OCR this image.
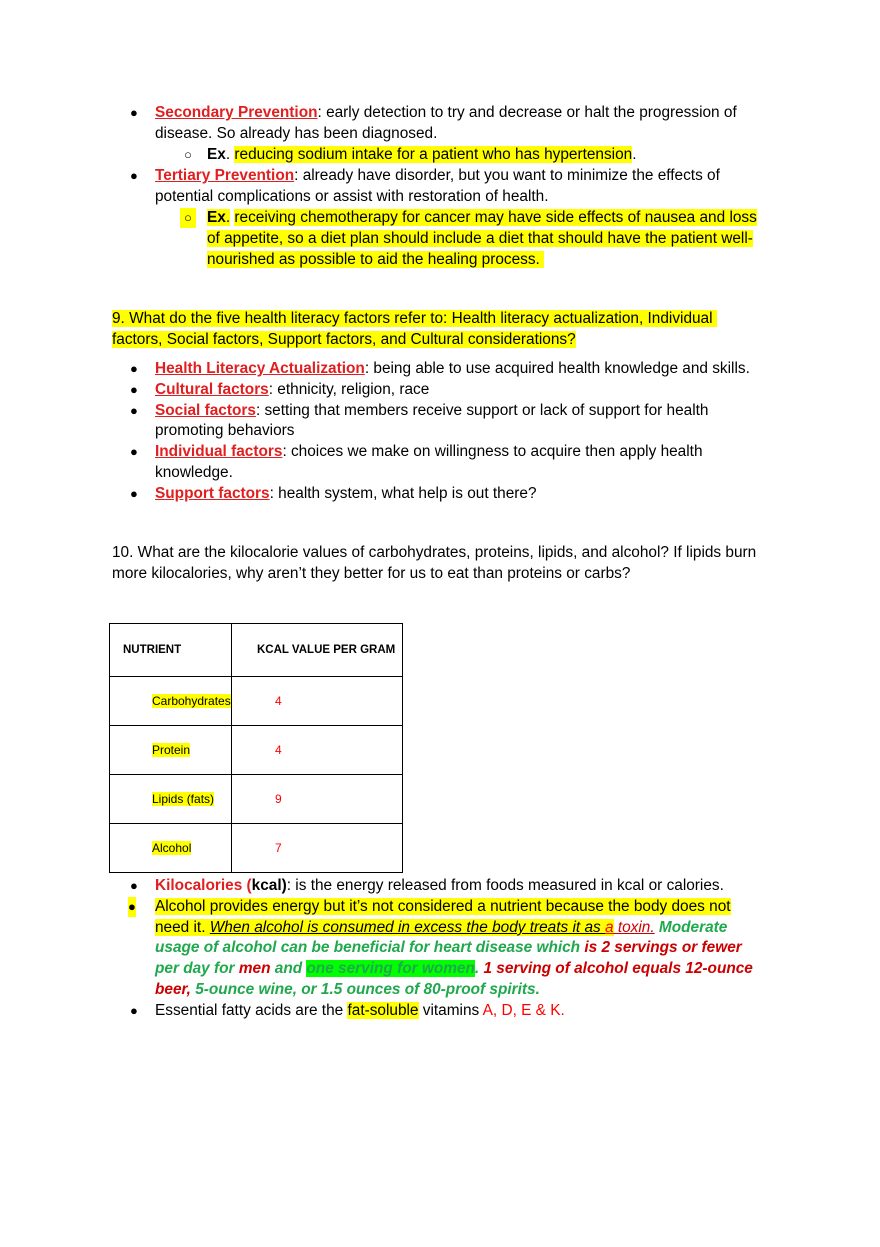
● Secondary Prevention: early detection to try and decrease or halt the progression of
disease. So already has been diagnosed.
○ Ex. reducing sodium intake for a patient who has hypertension.
● Tertiary Prevention: already have disorder, but you want to minimize the effects of
potential complications or assist with restoration of health.
○ Ex. receiving chemotherapy for cancer may have side effects of nausea and loss
of appetite, so a diet plan should include a diet that should have the patient well-
nourished as possible to aid the healing process.
9. What do the five health literacy factors refer to: Health literacy actualization, Individual
factors, Social factors, Support factors, and Cultural considerations?
● Health Literacy Actualization: being able to use acquired health knowledge and skills.
● Cultural factors: ethnicity, religion, race
● Social factors: setting that members receive support or lack of support for health
promoting behaviors
● Individual factors: choices we make on willingness to acquire then apply health
knowledge.
● Support factors: health system, what help is out there?
10. What are the kilocalorie values of carbohydrates, proteins, lipids, and alcohol? If lipids burn
more kilocalories, why aren’t they better for us to eat than proteins or carbs?
NUTRIENT	KCAL VALUE PER GRAM
Carbohydrates	4
Protein	4
Lipids (fats)	9
Alcohol	7
● Kilocalories (kcal): is the energy released from foods measured in kcal or calories.
● Alcohol provides energy but it’s not considered a nutrient because the body does not
need it. When alcohol is consumed in excess the body treats it as a toxin. Moderate
usage of alcohol can be beneficial for heart disease which is 2 servings or fewer
per day for men and one serving for women. 1 serving of alcohol equals 12-ounce
beer, 5-ounce wine, or 1.5 ounces of 80-proof spirits.
● Essential fatty acids are the fat-soluble vitamins A, D, E & K.
